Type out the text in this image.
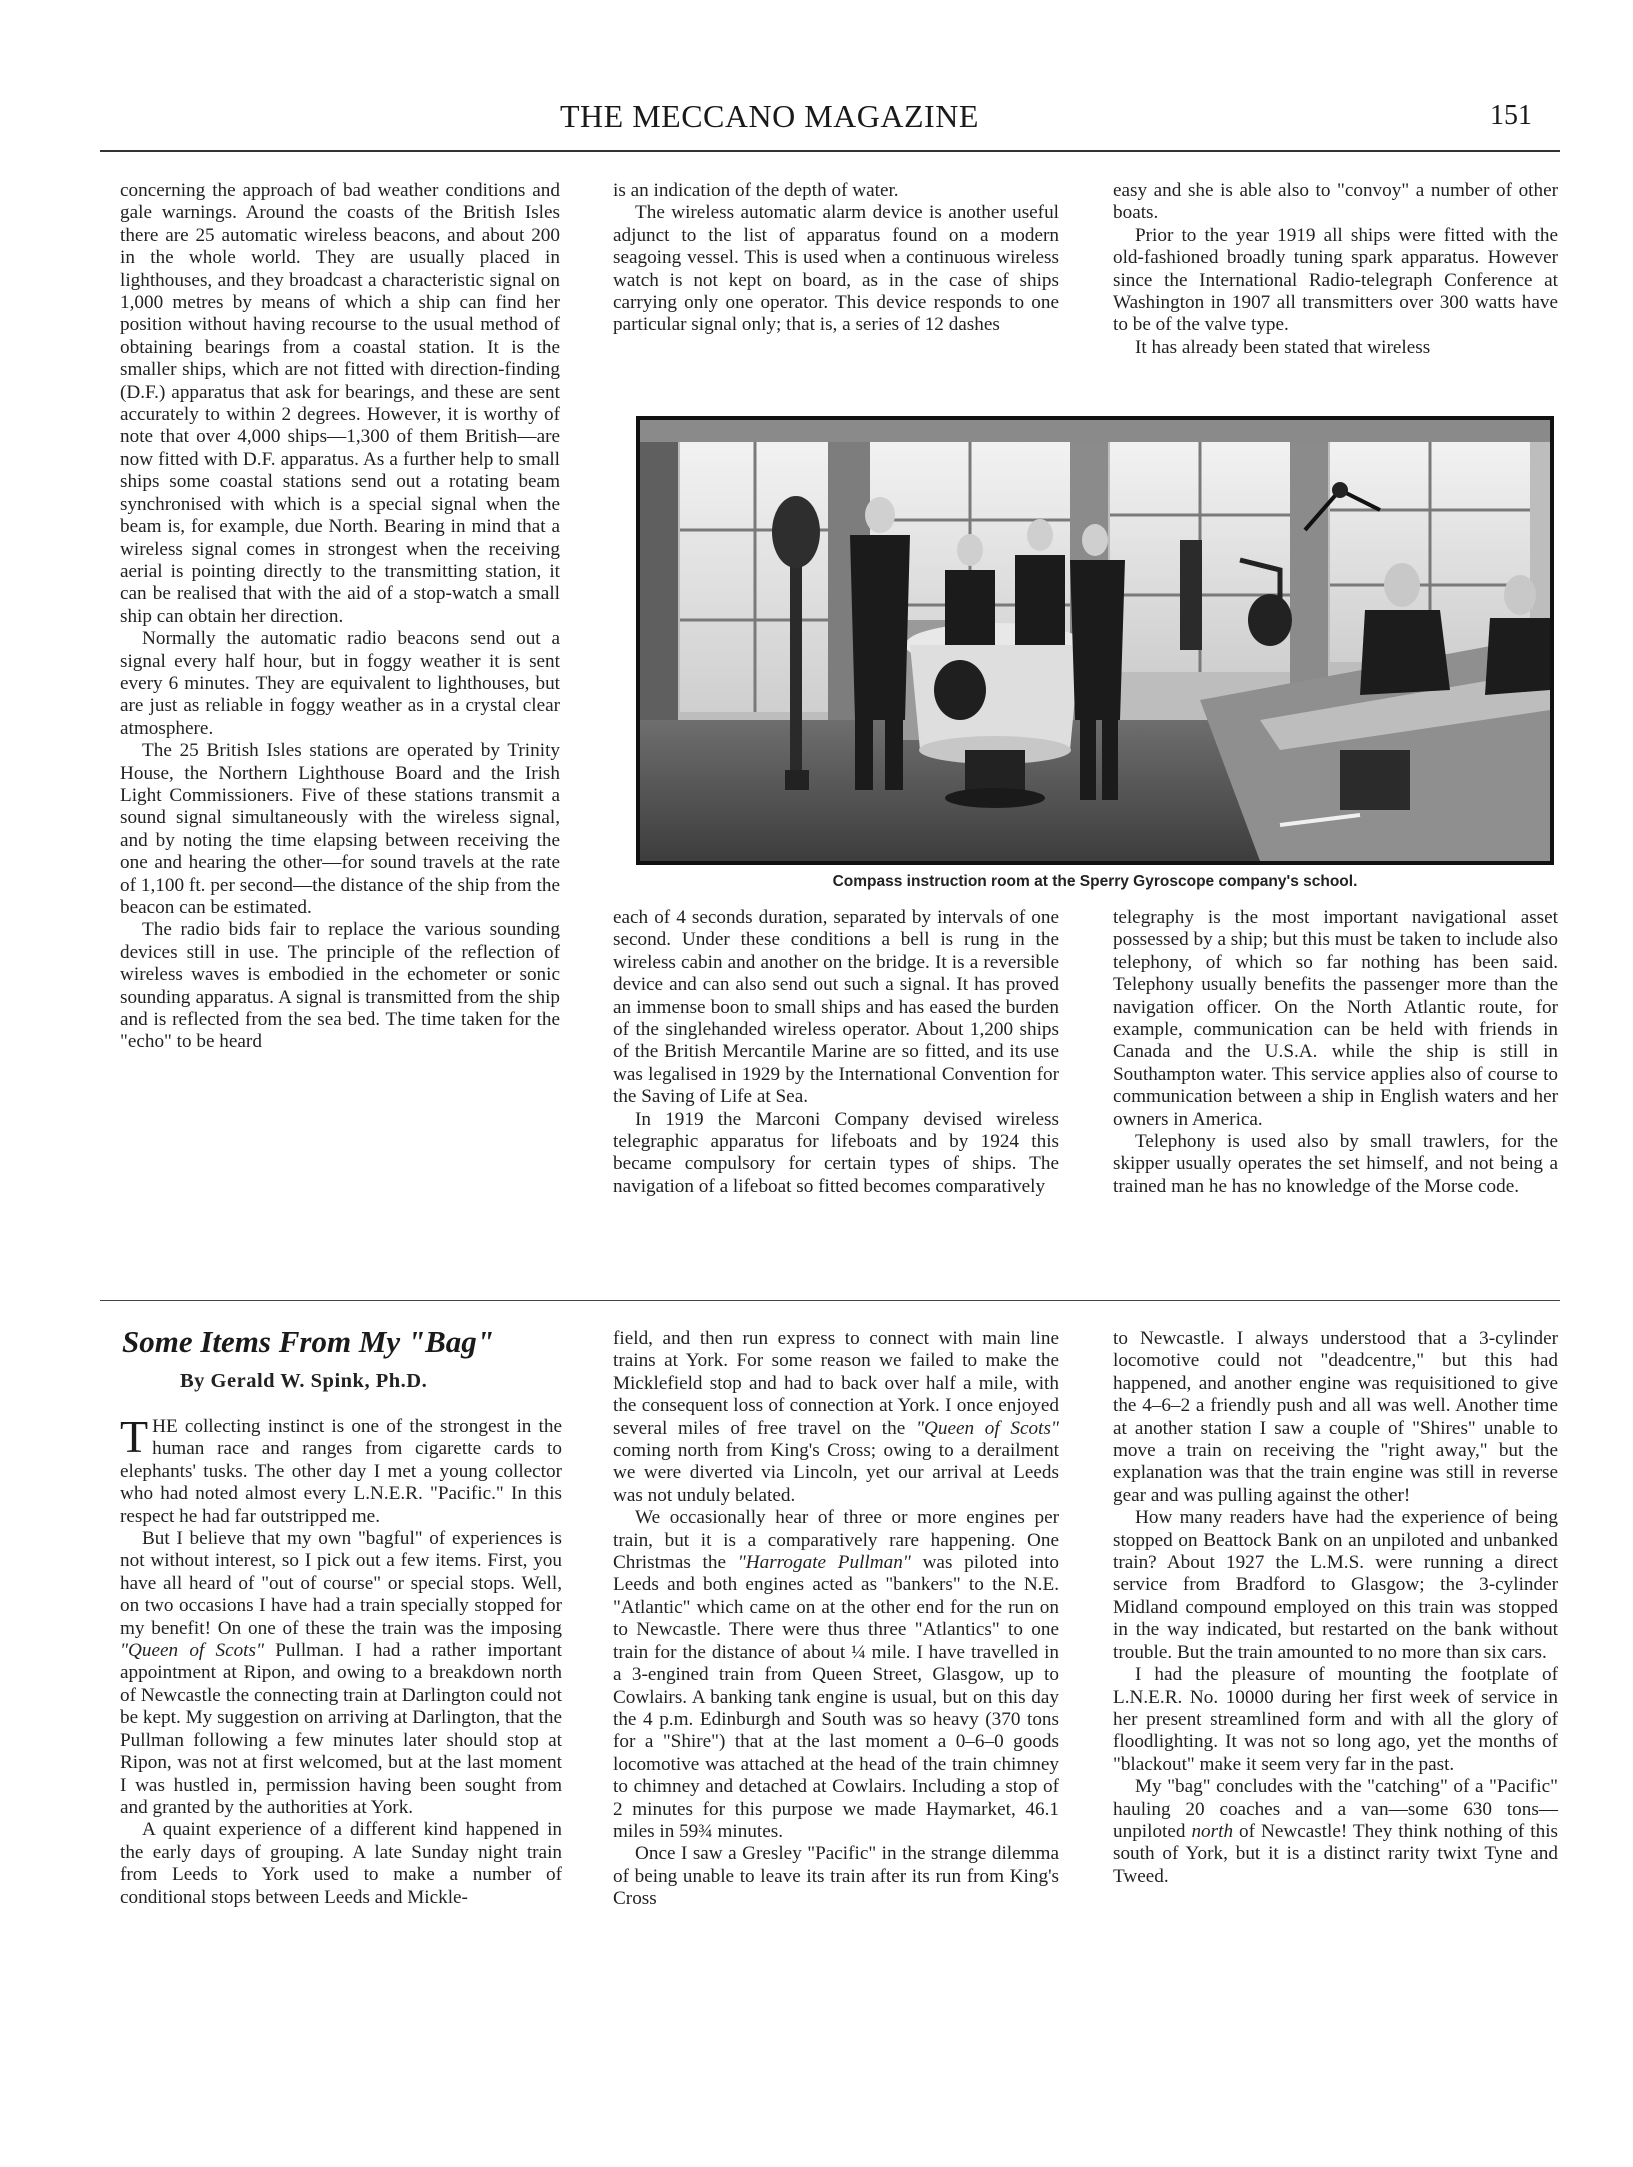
THE MECCANO MAGAZINE	151

concerning the approach of bad weather conditions and gale warnings. Around the coasts of the British Isles there are 25 automatic wireless beacons, and about 200 in the whole world. They are usually placed in lighthouses, and they broadcast a characteristic signal on 1,000 metres by means of which a ship can find her position without having recourse to the usual method of obtaining bearings from a coastal station. It is the smaller ships, which are not fitted with direction-finding (D.F.) apparatus that ask for bearings, and these are sent accurately to within 2 degrees. However, it is worthy of note that over 4,000 ships—1,300 of them British—are now fitted with D.F. apparatus. As a further help to small ships some coastal stations send out a rotating beam synchronised with which is a special signal when the beam is, for example, due North. Bearing in mind that a wireless signal comes in strongest when the receiving aerial is pointing directly to the transmitting station, it can be realised that with the aid of a stop-watch a small ship can obtain her direction.

Normally the automatic radio beacons send out a signal every half hour, but in foggy weather it is sent every 6 minutes. They are equivalent to lighthouses, but are just as reliable in foggy weather as in a crystal clear atmosphere.

The 25 British Isles stations are operated by Trinity House, the Northern Lighthouse Board and the Irish Light Commissioners. Five of these stations transmit a sound signal simultaneously with the wireless signal, and by noting the time elapsing between receiving the one and hearing the other—for sound travels at the rate of 1,100 ft. per second—the distance of the ship from the beacon can be estimated.

The radio bids fair to replace the various sounding devices still in use. The principle of the reflection of wireless waves is embodied in the echometer or sonic sounding apparatus. A signal is transmitted from the ship and is reflected from the sea bed. The time taken for the "echo" to be heard

is an indication of the depth of water.

The wireless automatic alarm device is another useful adjunct to the list of apparatus found on a modern seagoing vessel. This is used when a continuous wireless watch is not kept on board, as in the case of ships carrying only one operator. This device responds to one particular signal only; that is, a series of 12 dashes

easy and she is able also to "convoy" a number of other boats.

Prior to the year 1919 all ships were fitted with the old-fashioned broadly tuning spark apparatus. However since the International Radio-telegraph Conference at Washington in 1907 all transmitters over 300 watts have to be of the valve type.

It has already been stated that wireless

Compass instruction room at the Sperry Gyroscope company's school.

each of 4 seconds duration, separated by intervals of one second. Under these conditions a bell is rung in the wireless cabin and another on the bridge. It is a reversible device and can also send out such a signal. It has proved an immense boon to small ships and has eased the burden of the singlehanded wireless operator. About 1,200 ships of the British Mercantile Marine are so fitted, and its use was legalised in 1929 by the International Convention for the Saving of Life at Sea.

In 1919 the Marconi Company devised wireless telegraphic apparatus for lifeboats and by 1924 this became compulsory for certain types of ships. The navigation of a lifeboat so fitted becomes comparatively

telegraphy is the most important navigational asset possessed by a ship; but this must be taken to include also telephony, of which so far nothing has been said. Telephony usually benefits the passenger more than the navigation officer. On the North Atlantic route, for example, communication can be held with friends in Canada and the U.S.A. while the ship is still in Southampton water. This service applies also of course to communication between a ship in English waters and her owners in America.

Telephony is used also by small trawlers, for the skipper usually operates the set himself, and not being a trained man he has no knowledge of the Morse code.

Some Items From My "Bag"
By Gerald W. Spink, Ph.D.

THE collecting instinct is one of the strongest in the human race and ranges from cigarette cards to elephants' tusks. The other day I met a young collector who had noted almost every L.N.E.R. "Pacific." In this respect he had far outstripped me.

But I believe that my own "bagful" of experiences is not without interest, so I pick out a few items. First, you have all heard of "out of course" or special stops. Well, on two occasions I have had a train specially stopped for my benefit! On one of these the train was the imposing "Queen of Scots" Pullman. I had a rather important appointment at Ripon, and owing to a breakdown north of Newcastle the connecting train at Darlington could not be kept. My suggestion on arriving at Darlington, that the Pullman following a few minutes later should stop at Ripon, was not at first welcomed, but at the last moment I was hustled in, permission having been sought from and granted by the authorities at York.

A quaint experience of a different kind happened in the early days of grouping. A late Sunday night train from Leeds to York used to make a number of conditional stops between Leeds and Mickle-

field, and then run express to connect with main line trains at York. For some reason we failed to make the Micklefield stop and had to back over half a mile, with the consequent loss of connection at York. I once enjoyed several miles of free travel on the "Queen of Scots" coming north from King's Cross; owing to a derailment we were diverted via Lincoln, yet our arrival at Leeds was not unduly belated.

We occasionally hear of three or more engines per train, but it is a comparatively rare happening. One Christmas the "Harrogate Pullman" was piloted into Leeds and both engines acted as "bankers" to the N.E. "Atlantic" which came on at the other end for the run on to Newcastle. There were thus three "Atlantics" to one train for the distance of about ¼ mile. I have travelled in a 3-engined train from Queen Street, Glasgow, up to Cowlairs. A banking tank engine is usual, but on this day the 4 p.m. Edinburgh and South was so heavy (370 tons for a "Shire") that at the last moment a 0–6–0 goods locomotive was attached at the head of the train chimney to chimney and detached at Cowlairs. Including a stop of 2 minutes for this purpose we made Haymarket, 46.1 miles in 59¾ minutes.

Once I saw a Gresley "Pacific" in the strange dilemma of being unable to leave its train after its run from King's Cross

to Newcastle. I always understood that a 3-cylinder locomotive could not "deadcentre," but this had happened, and another engine was requisitioned to give the 4–6–2 a friendly push and all was well. Another time at another station I saw a couple of "Shires" unable to move a train on receiving the "right away," but the explanation was that the train engine was still in reverse gear and was pulling against the other!

How many readers have had the experience of being stopped on Beattock Bank on an unpiloted and unbanked train? About 1927 the L.M.S. were running a direct service from Bradford to Glasgow; the 3-cylinder Midland compound employed on this train was stopped in the way indicated, but restarted on the bank without trouble. But the train amounted to no more than six cars.

I had the pleasure of mounting the footplate of L.N.E.R. No. 10000 during her first week of service in her present streamlined form and with all the glory of floodlighting. It was not so long ago, yet the months of "blackout" make it seem very far in the past.

My "bag" concludes with the "catching" of a "Pacific" hauling 20 coaches and a van—some 630 tons—unpiloted north of Newcastle! They think nothing of this south of York, but it is a distinct rarity twixt Tyne and Tweed.
